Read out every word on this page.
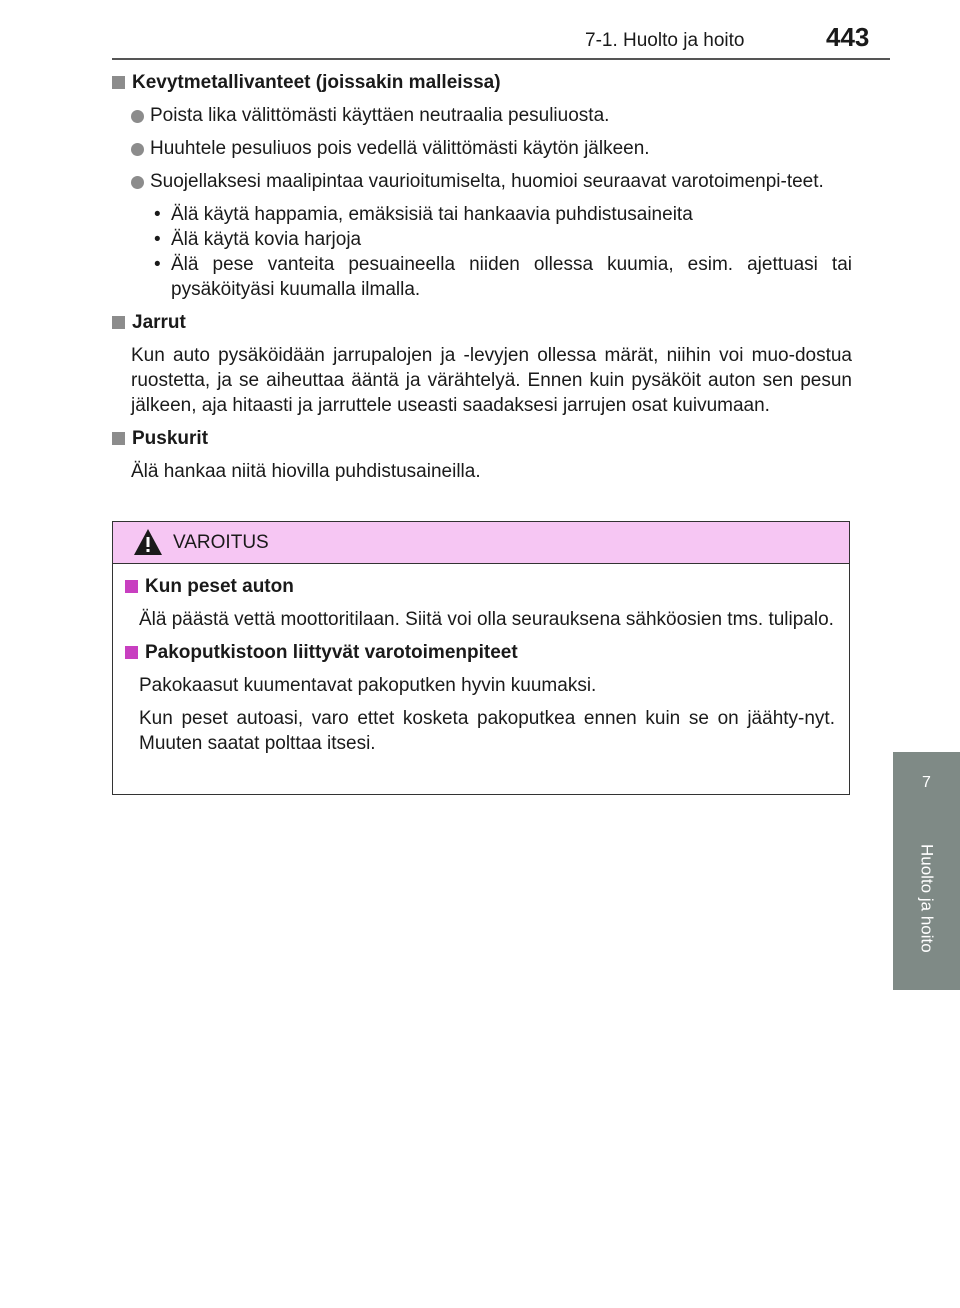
7-1. Huolto ja hoito	443
7
Huolto ja hoito
Kevytmetallivanteet (joissakin malleissa)
Poista lika välittömästi käyttäen neutraalia pesuliuosta.
Huuhtele pesuliuos pois vedellä välittömästi käytön jälkeen.
Suojellaksesi maalipintaa vaurioitumiselta, huomioi seuraavat varotoimenpi-teet.
• Älä käytä happamia, emäksisiä tai hankaavia puhdistusaineita
• Älä käytä kovia harjoja
• Älä pese vanteita pesuaineella niiden ollessa kuumia, esim. ajettuasi tai pysäköityäsi kuumalla ilmalla.
Jarrut

Kun auto pysäköidään jarrupalojen ja -levyjen ollessa märät, niihin voi muo-dostua ruostetta, ja se aiheuttaa ääntä ja värähtelyä. Ennen kuin pysäköit auton sen pesun jälkeen, aja hitaasti ja jarruttele useasti saadaksesi jarrujen osat kuivumaan.

Puskurit

Älä hankaa niitä hiovilla puhdistusaineilla.

VAROITUS
Kun peset auton

Älä päästä vettä moottoritilaan. Siitä voi olla seurauksena sähköosien tms. tulipalo.

Pakoputkistoon liittyvät varotoimenpiteet

Pakokaasut kuumentavat pakoputken hyvin kuumaksi.

Kun peset autoasi, varo ettet kosketa pakoputkea ennen kuin se on jäähty-nyt. Muuten saatat polttaa itsesi.
